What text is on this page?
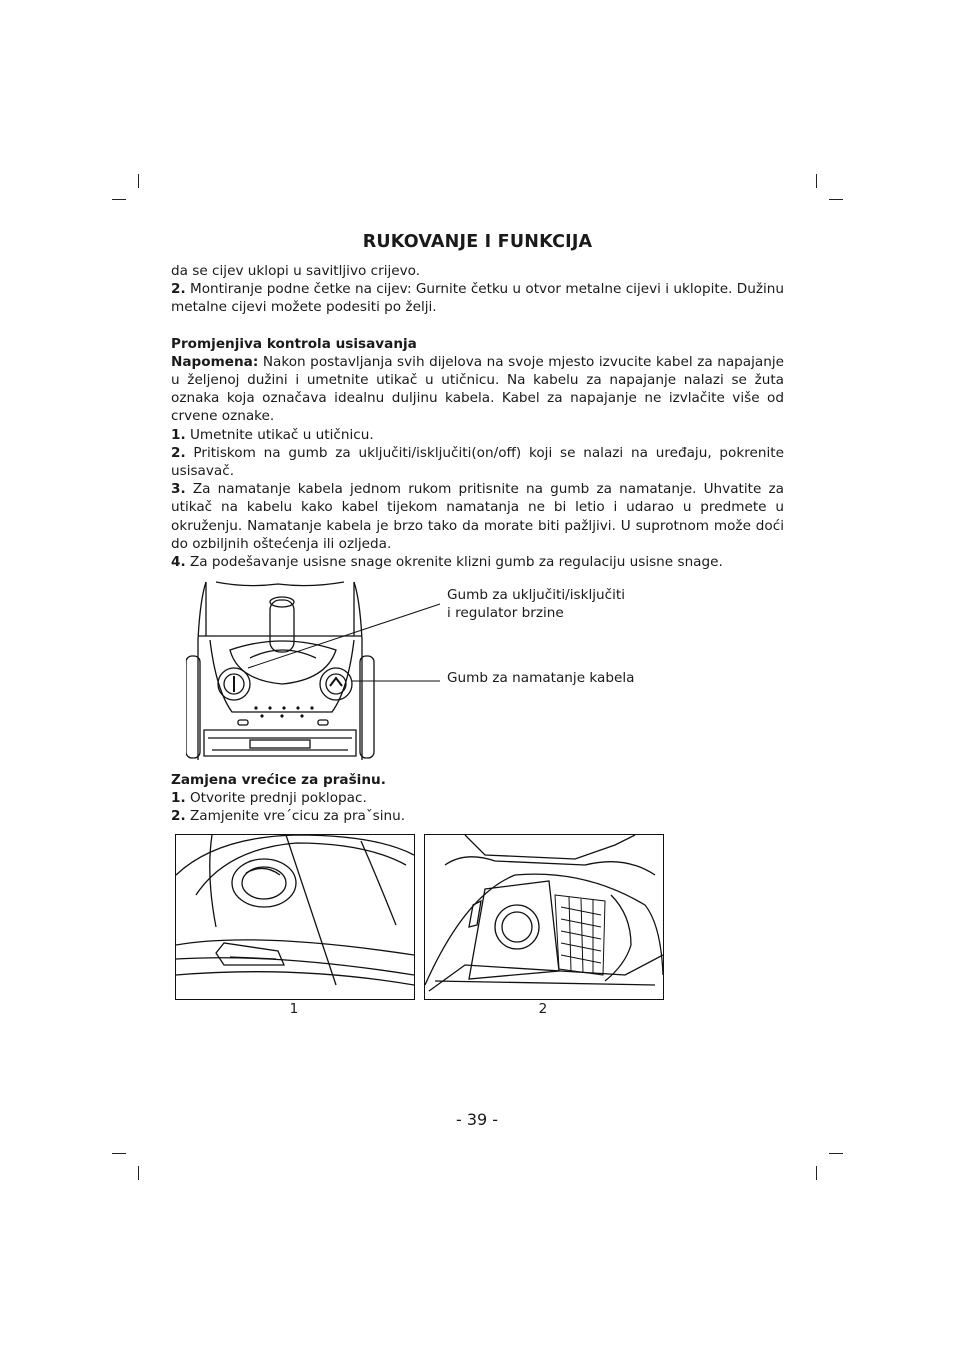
RUKOVANJE I FUNKCIJA

da se cijev uklopi u savitljivo crijevo.

2. Montiranje podne četke na cijev: Gurnite četku u otvor metalne cijevi i uklopite. Dužinu metalne cijevi možete podesiti po želji.

Promjenjiva kontrola usisavanja

Napomena: Nakon postavljanja svih dijelova na svoje mjesto izvucite kabel za napajanje u željenoj dužini i umetnite utikač u utičnicu. Na kabelu za napajanje nalazi se žuta oznaka koja označava idealnu duljinu kabela. Kabel za napajanje ne izvlačite više od crvene oznake.

1. Umetnite utikač u utičnicu.

2. Pritiskom na gumb za uključiti/isključiti(on/off) koji se nalazi na uređaju, pokrenite usisavač.

3. Za namatanje kabela jednom rukom pritisnite na gumb za namatanje. Uhvatite za utikač na kabelu kako kabel tijekom namatanja ne bi letio i udarao u predmete u okruženju. Namatanje kabela je brzo tako da morate biti pažljivi. U suprotnom može doći do ozbiljnih oštećenja ili ozljeda.

4. Za podešavanje usisne snage okrenite klizni gumb za regulaciju usisne snage.

Gumb za uključiti/isključiti
i regulator brzine
Gumb za namatanje kabela

Zamjena vrećice za prašinu.

1. Otvorite prednji poklopac.

2. Zamjenite vre´cicu za praˇsinu.

1	2
- 39 -
